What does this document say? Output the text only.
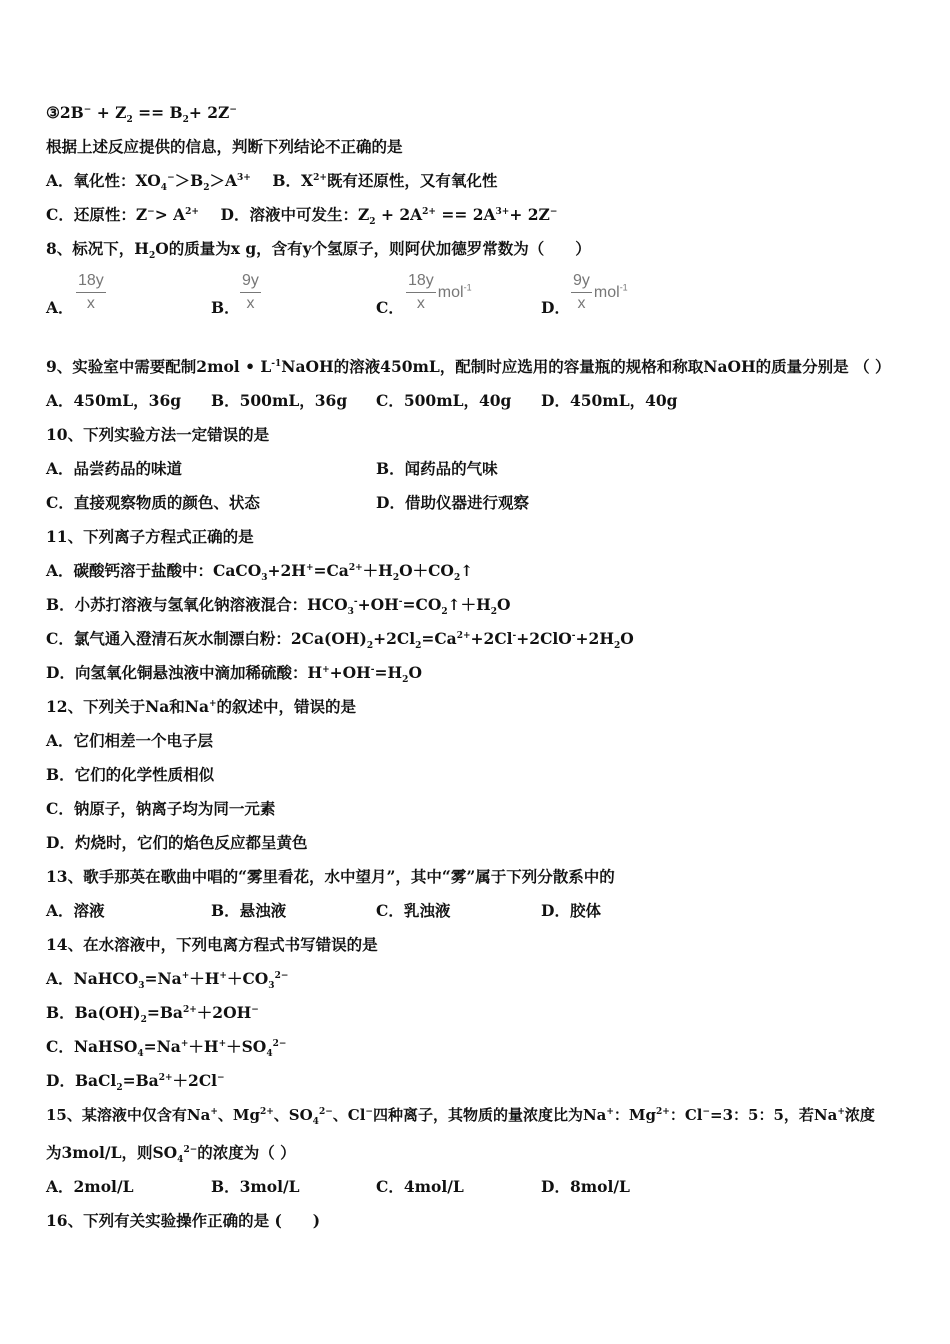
③2B− + $Z_2 == B_2+ 2Z^-$
根据上述反应提供的信息，判断下列结论不正确的是
A．氧化性：$XO_4^->B_2>A^{3+}$ B．$X^{2+}$既有还原性，又有氧化性
C．还原性：$Z^-> A^{2+}$ D．溶液中可发生：$Z_2 + 2A^{2+} == 2A^{3+}+ 2Z^-$
8、标况下，$H_2O$的质量为x g，含有y个氢原子，则阿伏加德罗常数为（　　）
A． $\frac{18y}{x}$	B． $\frac{9y}{x}$	C． $\frac{18y}{x} mol^{-1}$
D． $\frac{9y}{x} mol^{-1}$
9、实验室中需要配制2mol • $L^{-1}NaOH$的溶液450mL，配制时应选用的容量瓶的规格和称取NaOH的质量分别是 （ ）
A．450mL，36g B．500mL，36g C．500mL，40g D．450mL，40g
10、下列实验方法一定错误的是
A．品尝药品的味道	B．闻药品的气味
C．直接观察物质的颜色、状态	D．借助仪器进行观察
11、下列离子方程式正确的是
A．碳酸钙溶于盐酸中：$CaCO_3+2H^+=Ca^{2+}+H_2O+CO_2↑$
B．小苏打溶液与氢氧化钠溶液混合：$HCO_3^-+OH^-=CO_2↑+H_2O$
C．氯气通入澄清石灰水制漂白粉：$2Ca(OH)_2+2Cl_2=Ca^{2+}+2Cl^-+2ClO^-+2H_2O$
D．向氢氧化铜悬浊液中滴加稀硫酸：$H^++OH^-=H_2O$
12、下列关于Na和Na+的叙述中，错误的是
A．它们相差一个电子层
B．它们的化学性质相似
C．钠原子，钠离子均为同一元素
D．灼烧时，它们的焰色反应都呈黄色
13、歌手那英在歌曲中唱的“雾里看花，水中望月”，其中“雾”属于下列分散系中的
A．溶液	B．悬浊液	C．乳浊液	D．胶体
14、在水溶液中，下列电离方程式书写错误的是
A．$NaHCO_3=Na^++H^++CO_3^{2-}$
B．$Ba(OH)_2=Ba^{2+}+2OH^-$
C．$NaHSO_4=Na^++H^++SO_4^{2-}$
D．$BaCl_2=Ba^{2+}+2Cl^-$
15、某溶液中仅含有Na+、$Mg^{2+}$、$SO_4^{2-}$、Cl−四种离子，其物质的量浓度比为Na+：$Mg^{2+}$：Cl−=3：5：5，若Na+浓度
为3mol/L，则$SO_4^{2-}$的浓度为（ ）
A．2mol/L	B．3mol/L	C．4mol/L	D．8mol/L
16、下列有关实验操作正确的是 (　　)
